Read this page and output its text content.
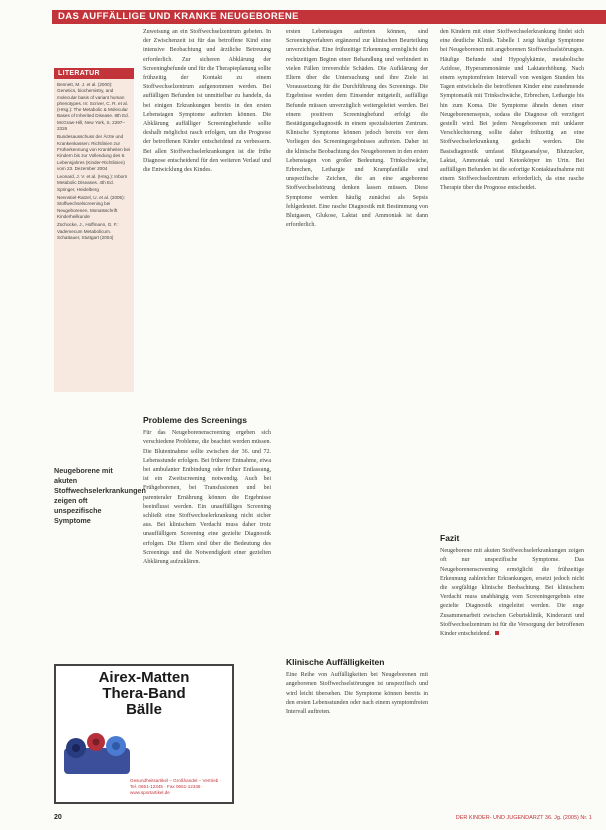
DAS AUFFÄLLIGE UND KRANKE NEUGEBORENE
LITERATUR

Bennett, M. J. et al. (2000): Genetics, biochemistry, and molecular basis of variant human phenotypes. In: Scriver, C. R. et al. (Hrsg.): The Metabolic & Molecular Bases of Inherited Disease. 8th Ed. McGraw-Hill, New York, S. 2297–2326

Bundesausschuss der Ärzte und Krankenkassen: Richtlinien zur Früherkennung von Krankheiten bei Kindern bis zur Vollendung des 6. Lebensjahres (Kinder-Richtlinien) vom 23. Dezember 2004

Leonard, J. V. et al. (Hrsg.): Inborn Metabolic Diseases. 4th Ed. Springer, Heidelberg

Nennstiel-Ratzel, U. et al. (2005): Stoffwechselscreening bei Neugeborenen. Monatsschrift Kinderheilkunde

Zschocke, J., Hoffmann, G. F.: Vademecum Metabolicum. Schattauer, Stuttgart (2004)

Zuweisung an ein Stoffwechselzentrum gebeten. In der Zwischenzeit ist für das betroffene Kind eine intensive Beobachtung und ärztliche Betreuung erforderlich. Zur sicheren Abklärung der Screeningbefunde und für die Therapieplanung sollte frühzeitig der Kontakt zu einem Stoffwechselzentrum aufgenommen werden. Bei auffälligen Befunden ist unmittelbar zu handeln, da bei einigen Erkrankungen bereits in den ersten Lebenstagen Symptome auftreten können. Die Abklärung auffälliger Screeningbefunde sollte deshalb möglichst rasch erfolgen, um die Prognose der betroffenen Kinder entscheidend zu verbessern. Bei allen Stoffwechselerkrankungen ist die frühe Diagnose entscheidend für den weiteren Verlauf und die Entwicklung des Kindes.

Neugeborene mit akuten Stoffwechselerkrankungen zeigen oft unspezifische Symptome
Probleme des Screenings

Für das Neugeborenenscreening ergeben sich verschiedene Probleme, die beachtet werden müssen. Die Blutentnahme sollte zwischen der 36. und 72. Lebensstunde erfolgen. Bei früherer Entnahme, etwa bei ambulanter Entbindung oder früher Entlassung, ist ein Zweitscreening notwendig. Auch bei Frühgeborenen, bei Transfusionen und bei parenteraler Ernährung können die Ergebnisse beeinflusst werden. Ein unauffälliges Screening schließt eine Stoffwechselerkrankung nicht sicher aus. Bei klinischem Verdacht muss daher trotz unauffälligem Screening eine gezielte Diagnostik erfolgen. Die Eltern sind über die Bedeutung des Screenings und die Notwendigkeit einer gezielten Abklärung aufzuklären.

ersten Lebenstagen auftreten können, sind Screeningverfahren ergänzend zur klinischen Beurteilung unverzichtbar. Eine frühzeitige Erkennung ermöglicht den rechtzeitigen Beginn einer Behandlung und verhindert in vielen Fällen irreversible Schäden. Die Aufklärung der Eltern über die Untersuchung und ihre Ziele ist Voraussetzung für die Durchführung des Screenings. Die Ergebnisse werden dem Einsender mitgeteilt, auffällige Befunde müssen unverzüglich weitergeleitet werden. Bei einem positiven Screeningbefund erfolgt die Bestätigungsdiagnostik in einem spezialisierten Zentrum. Klinische Symptome können jedoch bereits vor dem Vorliegen des Screeningergebnisses auftreten. Daher ist die klinische Beobachtung des Neugeborenen in den ersten Lebenstagen von großer Bedeutung. Trinkschwäche, Erbrechen, Lethargie und Krampfanfälle sind unspezifische Zeichen, die an eine angeborene Stoffwechselstörung denken lassen müssen. Diese Symptome werden häufig zunächst als Sepsis fehlgedeutet. Eine rasche Diagnostik mit Bestimmung von Blutgasen, Glukose, Laktat und Ammoniak ist dann erforderlich.

Klinische Auffälligkeiten

Eine Reihe von Auffälligkeiten bei Neugeborenen mit angeborenen Stoffwechselstörungen ist unspezifisch und wird leicht übersehen. Die Symptome können bereits in den ersten Lebensstunden oder nach einem symptomfreien Intervall auftreten.

den Kindern mit einer Stoffwechselerkrankung findet sich eine deutliche Klinik. Tabelle 1 zeigt häufige Symptome bei Neugeborenen mit angeborenen Stoffwechselstörungen. Häufige Befunde sind Hypoglykämie, metabolische Azidose, Hyperammonämie und Laktaterhöhung. Nach einem symptomfreien Intervall von wenigen Stunden bis Tagen entwickeln die betroffenen Kinder eine zunehmende Symptomatik mit Trinkschwäche, Erbrechen, Lethargie bis hin zum Koma. Die Symptome ähneln denen einer Neugeborenensepsis, sodass die Diagnose oft verzögert gestellt wird. Bei jedem Neugeborenen mit unklarer Verschlechterung sollte daher frühzeitig an eine Stoffwechselerkrankung gedacht werden. Die Basisdiagnostik umfasst Blutgasanalyse, Blutzucker, Laktat, Ammoniak und Ketonkörper im Urin. Bei auffälligen Befunden ist die sofortige Kontaktaufnahme mit einem Stoffwechselzentrum erforderlich, da eine rasche Therapie über die Prognose entscheidet.

Fazit

Neugeborene mit akuten Stoffwechselerkrankungen zeigen oft nur unspezifische Symptome. Das Neugeborenenscreening ermöglicht die frühzeitige Erkennung zahlreicher Erkrankungen, ersetzt jedoch nicht die sorgfältige klinische Beobachtung. Bei klinischem Verdacht muss unabhängig vom Screeningergebnis eine gezielte Diagnostik eingeleitet werden. Die enge Zusammenarbeit zwischen Geburtsklinik, Kinderarzt und Stoffwechselzentrum ist für die Versorgung der betroffenen Kinder entscheidend.

Airex-Matten
Thera-Band
Bälle
Gesundheitsartikel – Großhandel – Vertrieb · Tel. 0651-12345 · Fax 0651-12346 · www.sportartikel.de
20	DER KINDER- UND JUGENDARZT 36. Jg. (2005) Nr. 1
